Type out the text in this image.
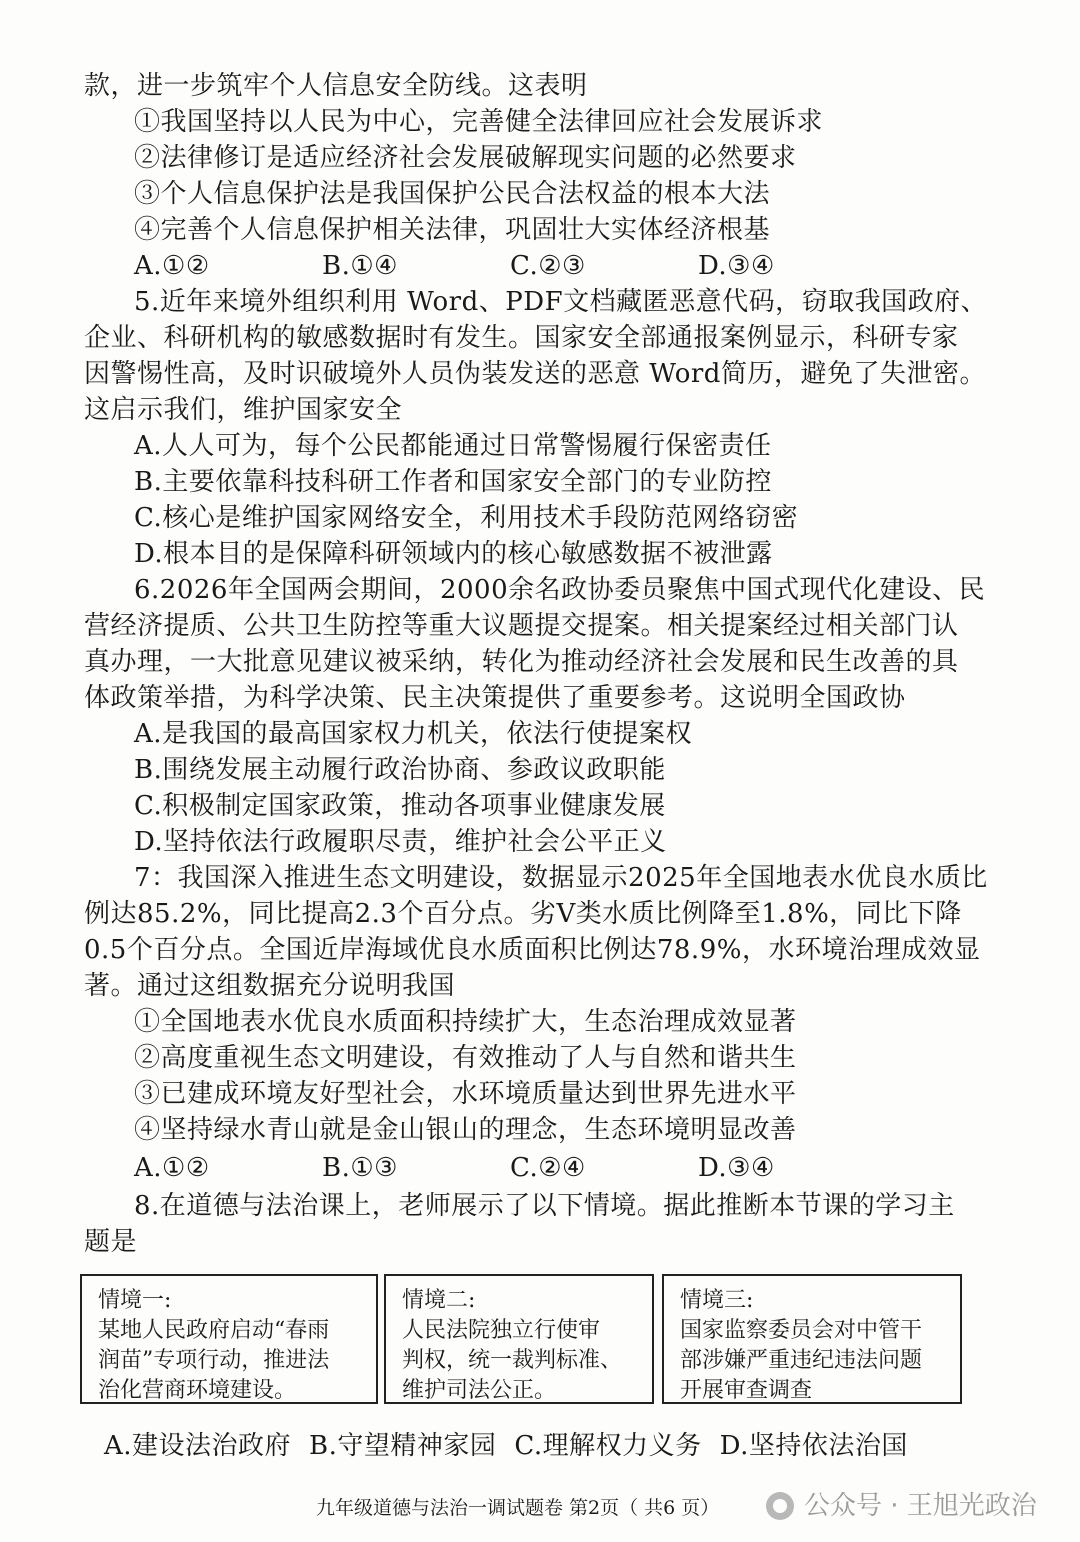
款，进一步筑牢个人信息安全防线。这表明
①我国坚持以人民为中心，完善健全法律回应社会发展诉求
②法律修订是适应经济社会发展破解现实问题的必然要求
③个人信息保护法是我国保护公民合法权益的根本大法
④完善个人信息保护相关法律，巩固壮大实体经济根基
A.①②	B.①④	C.②③	D.③④
5.近年来境外组织利用 Word、PDF文档藏匿恶意代码，窃取我国政府、
企业、科研机构的敏感数据时有发生。国家安全部通报案例显示，科研专家
因警惕性高，及时识破境外人员伪装发送的恶意 Word简历，避免了失泄密。
这启示我们，维护国家安全
A.人人可为，每个公民都能通过日常警惕履行保密责任
B.主要依靠科技科研工作者和国家安全部门的专业防控
C.核心是维护国家网络安全，利用技术手段防范网络窃密
D.根本目的是保障科研领域内的核心敏感数据不被泄露
6.2026年全国两会期间，2000余名政协委员聚焦中国式现代化建设、民
营经济提质、公共卫生防控等重大议题提交提案。相关提案经过相关部门认
真办理，一大批意见建议被采纳，转化为推动经济社会发展和民生改善的具
体政策举措，为科学决策、民主决策提供了重要参考。这说明全国政协
A.是我国的最高国家权力机关，依法行使提案权
B.围绕发展主动履行政治协商、参政议政职能
C.积极制定国家政策，推动各项事业健康发展
D.坚持依法行政履职尽责，维护社会公平正义
7：我国深入推进生态文明建设，数据显示2025年全国地表水优良水质比
例达85.2%，同比提高2.3个百分点。劣Ⅴ类水质比例降至1.8%，同比下降
0.5个百分点。全国近岸海域优良水质面积比例达78.9%，水环境治理成效显
著。通过这组数据充分说明我国
①全国地表水优良水质面积持续扩大，生态治理成效显著
②高度重视生态文明建设，有效推动了人与自然和谐共生
③已建成环境友好型社会，水环境质量达到世界先进水平
④坚持绿水青山就是金山银山的理念，生态环境明显改善
A.①②	B.①③	C.②④	D.③④
8.在道德与法治课上，老师展示了以下情境。据此推断本节课的学习主
题是
情境一:
某地人民政府启动“春雨
润苗”专项行动，推进法
治化营商环境建设。
情境二:
人民法院独立行使审
判权，统一裁判标准、
维护司法公正。
情境三:
国家监察委员会对中管干
部涉嫌严重违纪违法问题
开展审查调查
A.建设法治政府 B.守望精神家园 C.理解权力义务 D.坚持依法治国
九年级道德与法治一调试题卷 第2页（ 共6 页）	公众号 · 王旭光政治
